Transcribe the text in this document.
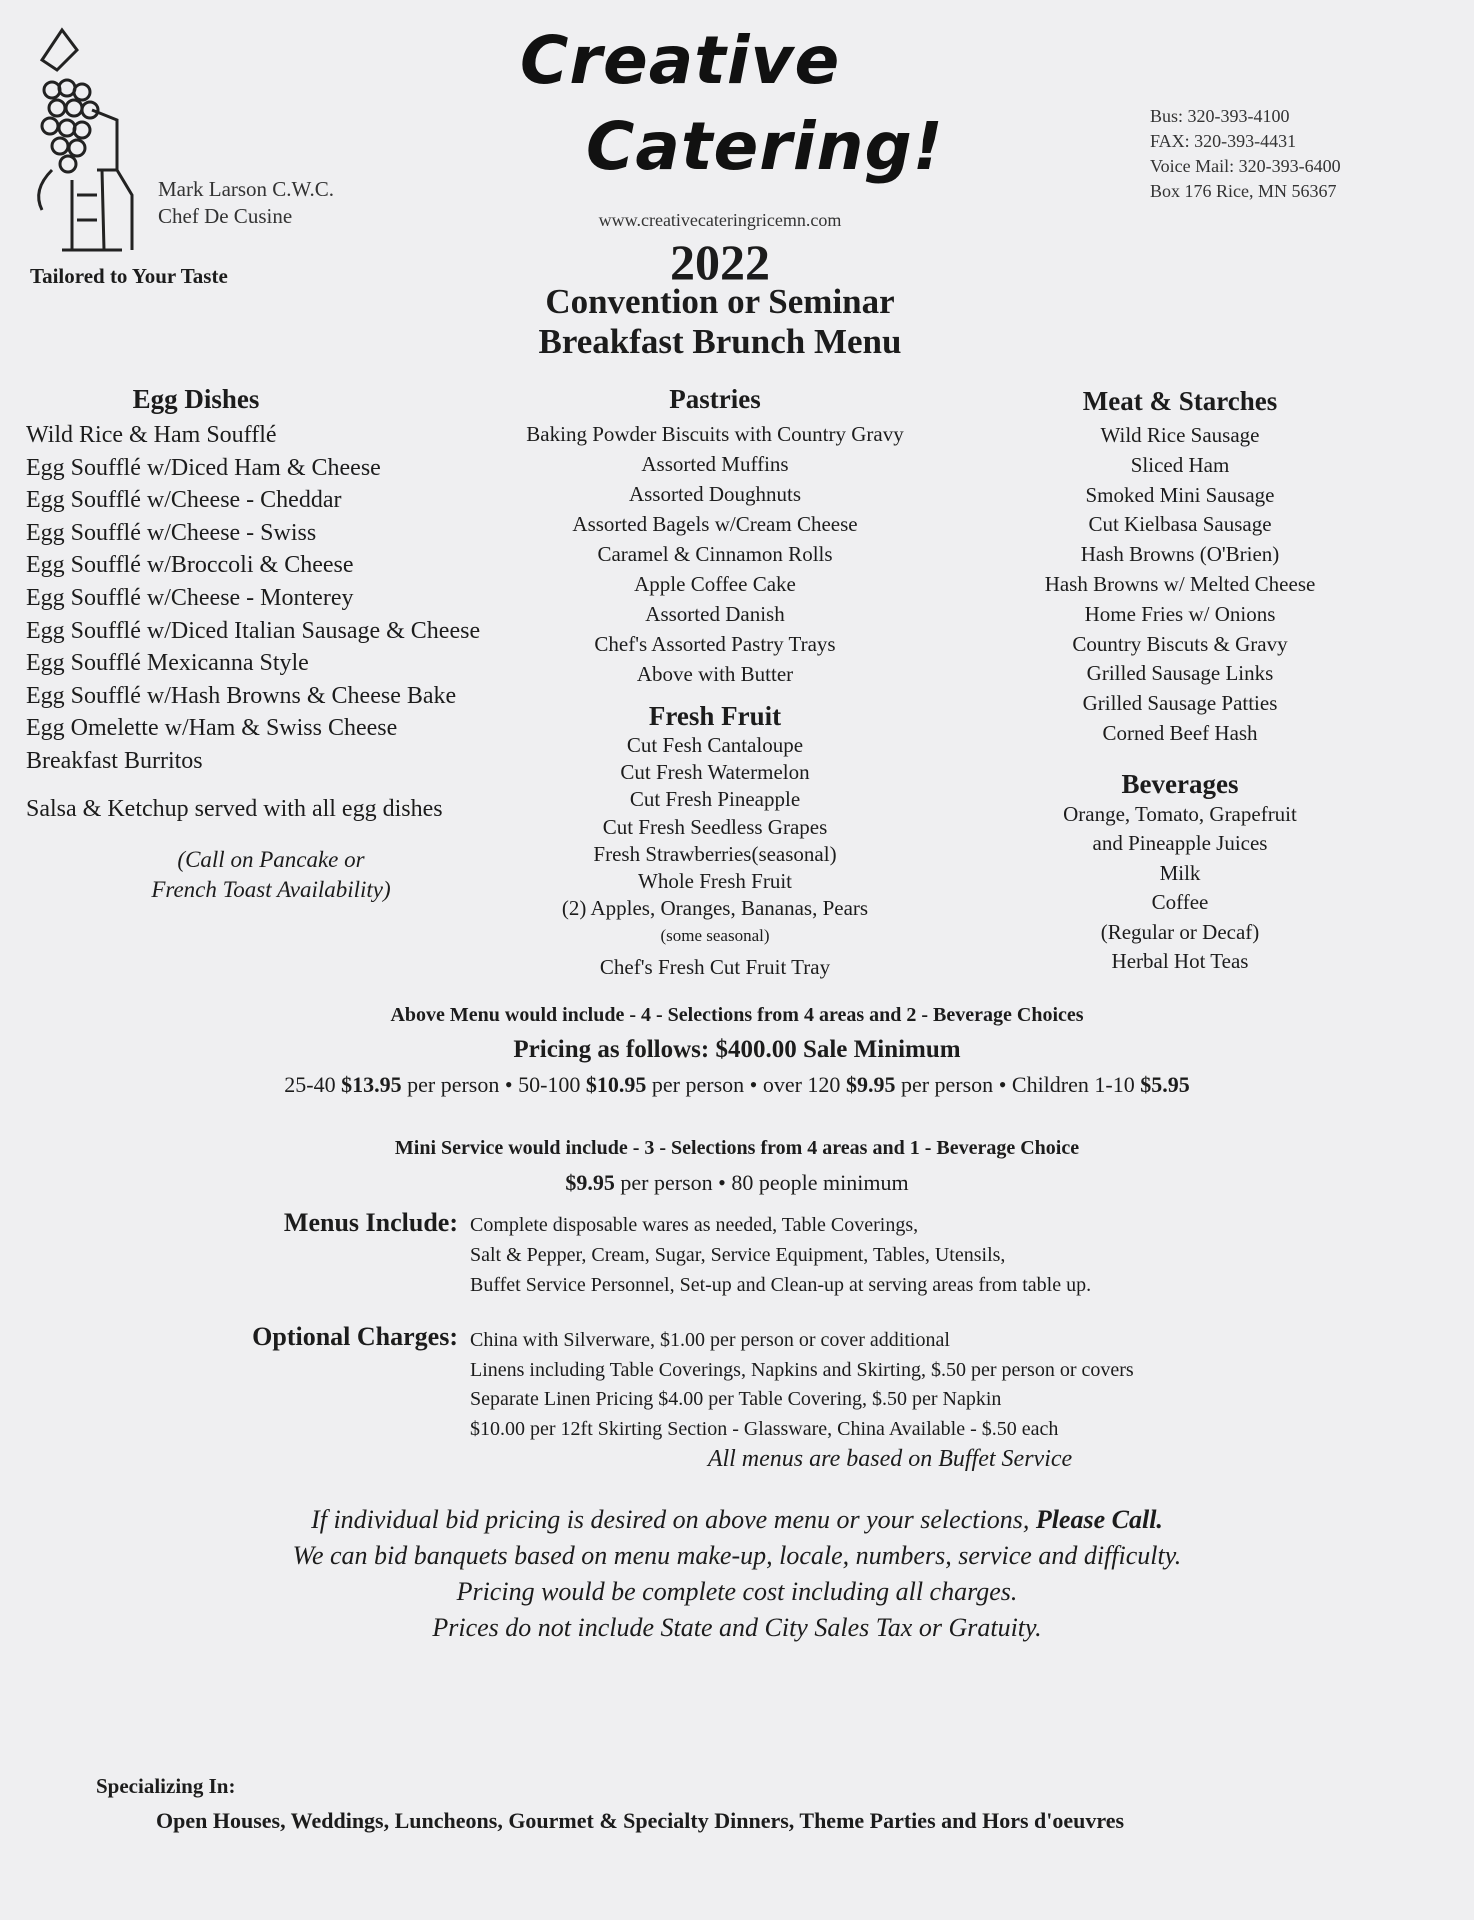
Mark Larson C.W.C.
Chef De Cusine
Tailored to Your Taste
Creative
Catering!
www.creativecateringricemn.com
2022
Convention or Seminar
Breakfast Brunch Menu
Bus: 320-393-4100
FAX: 320-393-4431
Voice Mail: 320-393-6400
Box 176 Rice, MN 56367
Egg Dishes
Wild Rice & Ham Soufflé
Egg Soufflé w/Diced Ham & Cheese
Egg Soufflé w/Cheese - Cheddar
Egg Soufflé w/Cheese - Swiss
Egg Soufflé w/Broccoli & Cheese
Egg Soufflé w/Cheese - Monterey
Egg Soufflé w/Diced Italian Sausage & Cheese
Egg Soufflé Mexicanna Style
Egg Soufflé w/Hash Browns & Cheese Bake
Egg Omelette w/Ham & Swiss Cheese
Breakfast Burritos
Salsa & Ketchup served with all egg dishes
(Call on Pancake or
French Toast Availability)
Pastries
Baking Powder Biscuits with Country Gravy
Assorted Muffins
Assorted Doughnuts
Assorted Bagels w/Cream Cheese
Caramel & Cinnamon Rolls
Apple Coffee Cake
Assorted Danish
Chef's Assorted Pastry Trays
Above with Butter
Fresh Fruit
Cut Fesh Cantaloupe
Cut Fresh Watermelon
Cut Fresh Pineapple
Cut Fresh Seedless Grapes
Fresh Strawberries(seasonal)
Whole Fresh Fruit
(2) Apples, Oranges, Bananas, Pears
(some seasonal)
Chef's Fresh Cut Fruit Tray
Meat & Starches
Wild Rice Sausage
Sliced Ham
Smoked Mini Sausage
Cut Kielbasa Sausage
Hash Browns (O'Brien)
Hash Browns w/ Melted Cheese
Home Fries w/ Onions
Country Biscuts & Gravy
Grilled Sausage Links
Grilled Sausage Patties
Corned Beef Hash
Beverages
Orange, Tomato, Grapefruit
and Pineapple Juices
Milk
Coffee
(Regular or Decaf)
Herbal Hot Teas
Above Menu would include - 4 - Selections from 4 areas and 2 - Beverage Choices
Pricing as follows: $400.00 Sale Minimum
25-40 $13.95 per person • 50-100 $10.95 per person • over 120 $9.95 per person • Children 1-10 $5.95
Mini Service would include - 3 - Selections from 4 areas and 1 - Beverage Choice
$9.95 per person • 80 people minimum
Menus Include: Complete disposable wares as needed, Table Coverings,
Salt & Pepper, Cream, Sugar, Service Equipment, Tables, Utensils,
Buffet Service Personnel, Set-up and Clean-up at serving areas from table up.
Optional Charges: China with Silverware, $1.00 per person or cover additional
Linens including Table Coverings, Napkins and Skirting, $.50 per person or covers
Separate Linen Pricing $4.00 per Table Covering, $.50 per Napkin
$10.00 per 12ft Skirting Section - Glassware, China Available - $.50 each
All menus are based on Buffet Service
If individual bid pricing is desired on above menu or your selections, Please Call.
We can bid banquets based on menu make-up, locale, numbers, service and difficulty.
Pricing would be complete cost including all charges.
Prices do not include State and City Sales Tax or Gratuity.
Specializing In:
Open Houses, Weddings, Luncheons, Gourmet & Specialty Dinners, Theme Parties and Hors d'oeuvres
